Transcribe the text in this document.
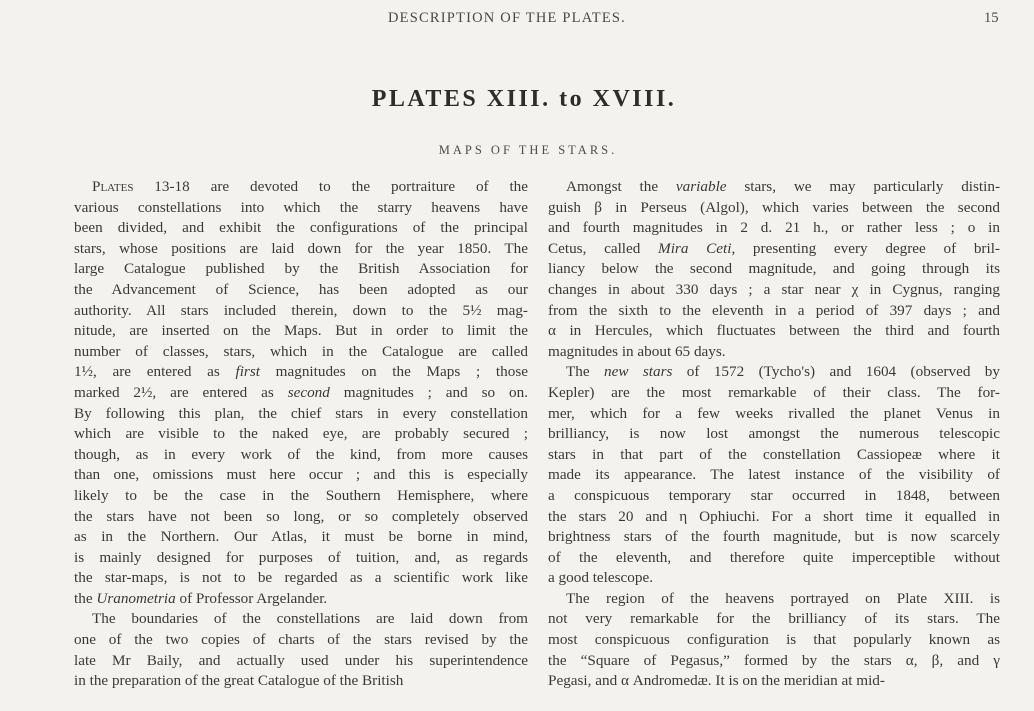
DESCRIPTION OF THE PLATES.	15
PLATES XIII. to XVIII.
MAPS OF THE STARS.
Plates 13-18 are devoted to the portraiture of the
various constellations into which the starry heavens have
been divided, and exhibit the configurations of the principal
stars, whose positions are laid down for the year 1850. The
large Catalogue published by the British Association for
the Advancement of Science, has been adopted as our
authority. All stars included therein, down to the 5½ mag-
nitude, are inserted on the Maps. But in order to limit the
number of classes, stars, which in the Catalogue are called
1½, are entered as first magnitudes on the Maps ; those
marked 2½, are entered as second magnitudes ; and so on.
By following this plan, the chief stars in every constellation
which are visible to the naked eye, are probably secured ;
though, as in every work of the kind, from more causes
than one, omissions must here occur ; and this is especially
likely to be the case in the Southern Hemisphere, where
the stars have not been so long, or so completely observed
as in the Northern. Our Atlas, it must be borne in mind,
is mainly designed for purposes of tuition, and, as regards
the star-maps, is not to be regarded as a scientific work like
the Uranometria of Professor Argelander.
The boundaries of the constellations are laid down from
one of the two copies of charts of the stars revised by the
late Mr Baily, and actually used under his superintendence
in the preparation of the great Catalogue of the British
Amongst the variable stars, we may particularly distin-
guish β in Perseus (Algol), which varies between the second
and fourth magnitudes in 2 d. 21 h., or rather less ; ο in
Cetus, called Mira Ceti, presenting every degree of bril-
liancy below the second magnitude, and going through its
changes in about 330 days ; a star near χ in Cygnus, ranging
from the sixth to the eleventh in a period of 397 days ; and
α in Hercules, which fluctuates between the third and fourth
magnitudes in about 65 days.
The new stars of 1572 (Tycho's) and 1604 (observed by
Kepler) are the most remarkable of their class. The for-
mer, which for a few weeks rivalled the planet Venus in
brilliancy, is now lost amongst the numerous telescopic
stars in that part of the constellation Cassiopeæ where it
made its appearance. The latest instance of the visibility of
a conspicuous temporary star occurred in 1848, between
the stars 20 and η Ophiuchi. For a short time it equalled in
brightness stars of the fourth magnitude, but is now scarcely
of the eleventh, and therefore quite imperceptible without
a good telescope.
The region of the heavens portrayed on Plate XIII. is
not very remarkable for the brilliancy of its stars. The
most conspicuous configuration is that popularly known as
the “Square of Pegasus,” formed by the stars α, β, and γ
Pegasi, and α Andromedæ. It is on the meridian at mid-
